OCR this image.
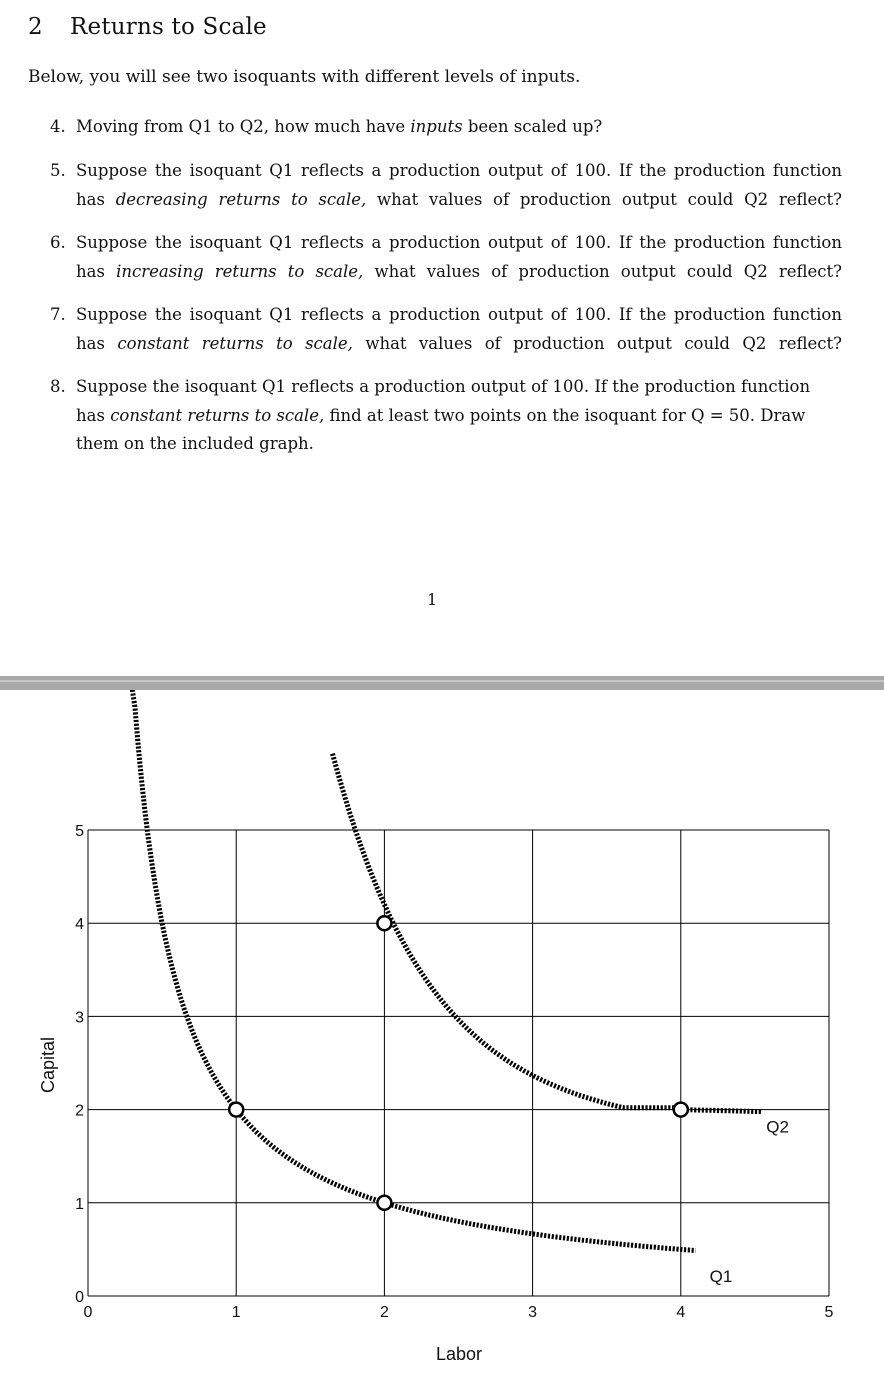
2 Returns to Scale
Below, you will see two isoquants with different levels of inputs.
4. Moving from Q1 to Q2, how much have inputs been scaled up?
5. Suppose the isoquant Q1 reflects a production output of 100. If the production function has decreasing returns to scale, what values of production output could Q2 reflect?
6. Suppose the isoquant Q1 reflects a production output of 100. If the production function has increasing returns to scale, what values of production output could Q2 reflect?
7. Suppose the isoquant Q1 reflects a production output of 100. If the production function has constant returns to scale, what values of production output could Q2 reflect?
8. Suppose the isoquant Q1 reflects a production output of 100. If the production function has constant returns to scale, find at least two points on the isoquant for Q = 50. Draw them on the included graph.
1
0	1	2	3	4	5
0
1
2
3
4
5
Labor
Capital
Q1
Q2
